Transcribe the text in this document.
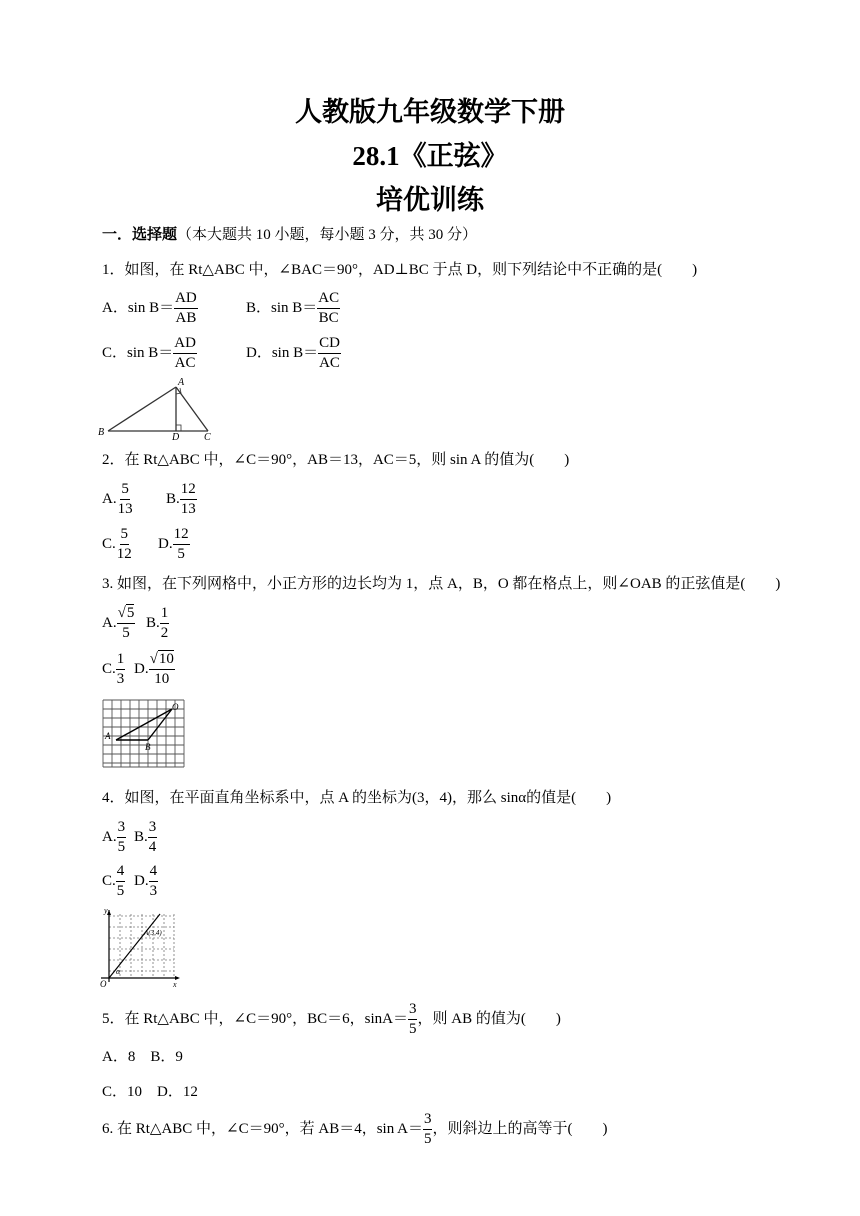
人教版九年级数学下册
28.1《正弦》
培优训练
一．选择题（本大题共 10 小题，每小题 3 分，共 30 分）
1．如图，在 Rt△ABC 中，∠BAC＝90°，AD⊥BC 于点 D，则下列结论中不正确的是(　　)
A．$\sin B= \frac{AD}{AB}$	B．$\sin B= \frac{AC}{BC}$
C．$\sin B= \frac{AD}{AC}$	D．$\sin B= \frac{CD}{AC}$
A
B	C
D
2．在 Rt△ABC 中，∠C＝90°，AB＝13，AC＝5，则 sin A 的值为(　　)
A. $\frac{5}{13} B$. $\frac{12}{13}$
C. $\frac{5}{12} D$. $\frac{12}{5}$
3. 如图，在下列网格中，小正方形的边长均为 1，点 A，B，O 都在格点上，则∠OAB 的正弦值是(　　)
A. $\frac{√5}{5} B$. $\frac{1}{2}$
C. $\frac{1}{3} D$. $\frac{√10}{10}$
A
B
O
4．如图，在平面直角坐标系中，点 A 的坐标为(3，4)，那么 sinα的值是(　　)
A. $\frac{3}{5} B$. $\frac{3}{4}$
C. $\frac{4}{5} D$. $\frac{4}{3}$
y
x
O
α
A(3,4)
5．在 Rt△ABC 中，∠C＝90°，BC＝6，$\sin A= \frac{3}{5}$ ，则 AB 的值为(　　)
A．8　B．9
C．10　D．12
6. 在 Rt△ABC 中，∠C＝90°，若 AB＝4，$\sin A= \frac{3}{5}$ ，则斜边上的高等于(　　)
